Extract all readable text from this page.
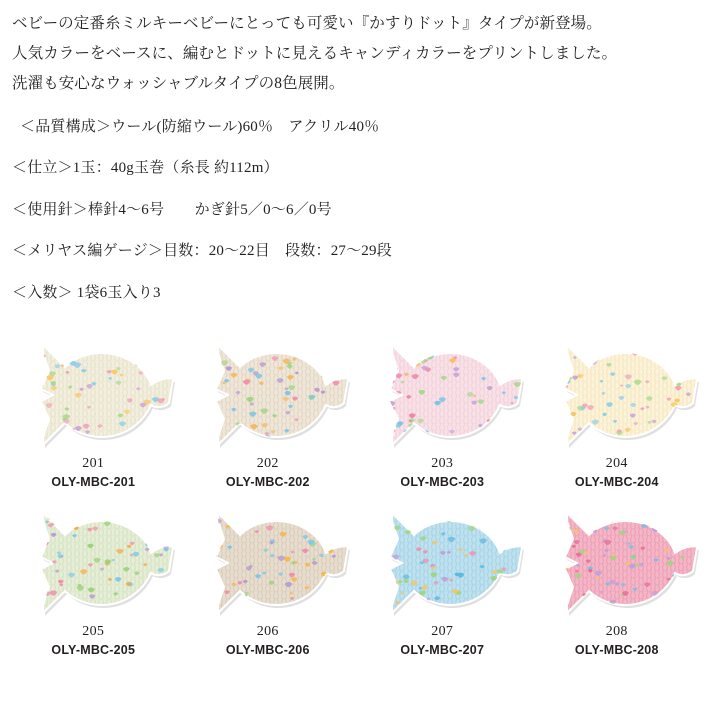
ベビーの定番糸ミルキーベビーにとっても可愛い『かすりドット』タイプが新登場。

人気カラーをベースに、編むとドットに見えるキャンディカラーをプリントしました。

洗濯も安心なウォッシャブルタイプの8色展開。

＜品質構成＞ウール(防縮ウール)60％　アクリル40％

＜仕立＞1玉：40g玉巻（糸長 約112m）

＜使用針＞棒針4〜6号　　かぎ針5／0〜6／0号

＜メリヤス編ゲージ＞目数：20〜22目　段数：27〜29段

＜入数＞ 1袋6玉入り3

201
OLY-MBC-201
202
OLY-MBC-202
203
OLY-MBC-203
204
OLY-MBC-204
205
OLY-MBC-205
206
OLY-MBC-206
207
OLY-MBC-207
208
OLY-MBC-208
